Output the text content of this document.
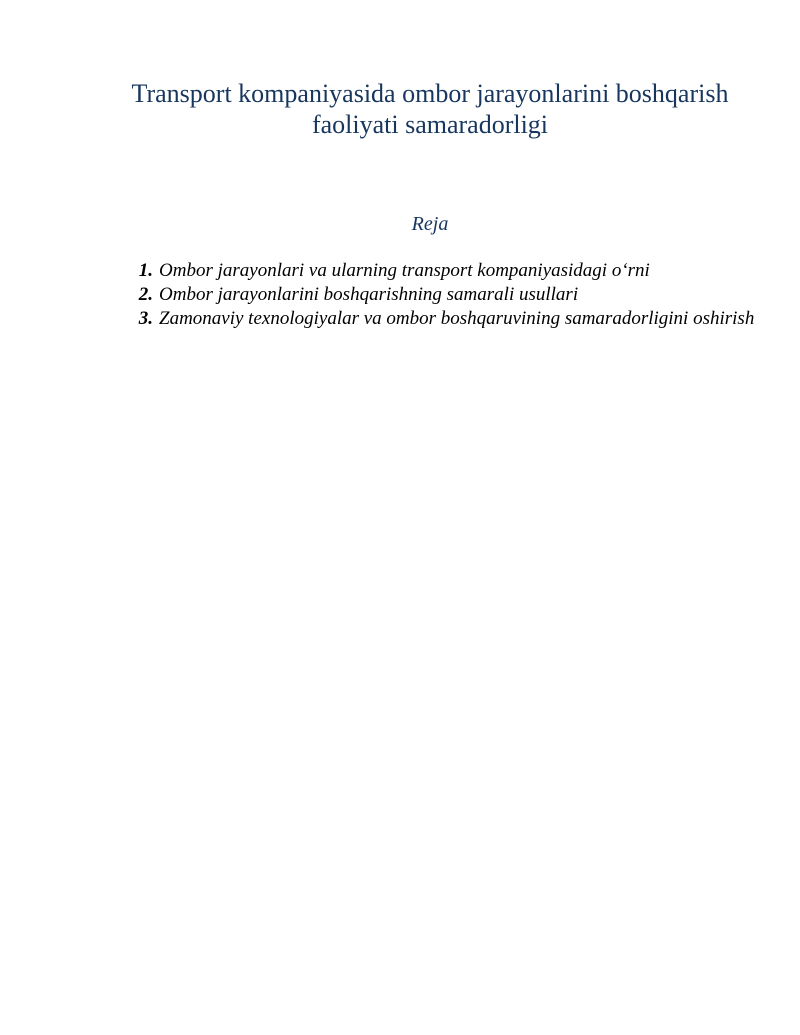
Transport kompaniyasida ombor jarayonlarini boshqarish faoliyati samaradorligi
Reja
1. Ombor jarayonlari va ularning transport kompaniyasidagi o‘rni
2. Ombor jarayonlarini boshqarishning samarali usullari
3. Zamonaviy texnologiyalar va ombor boshqaruvining samaradorligini oshirish
